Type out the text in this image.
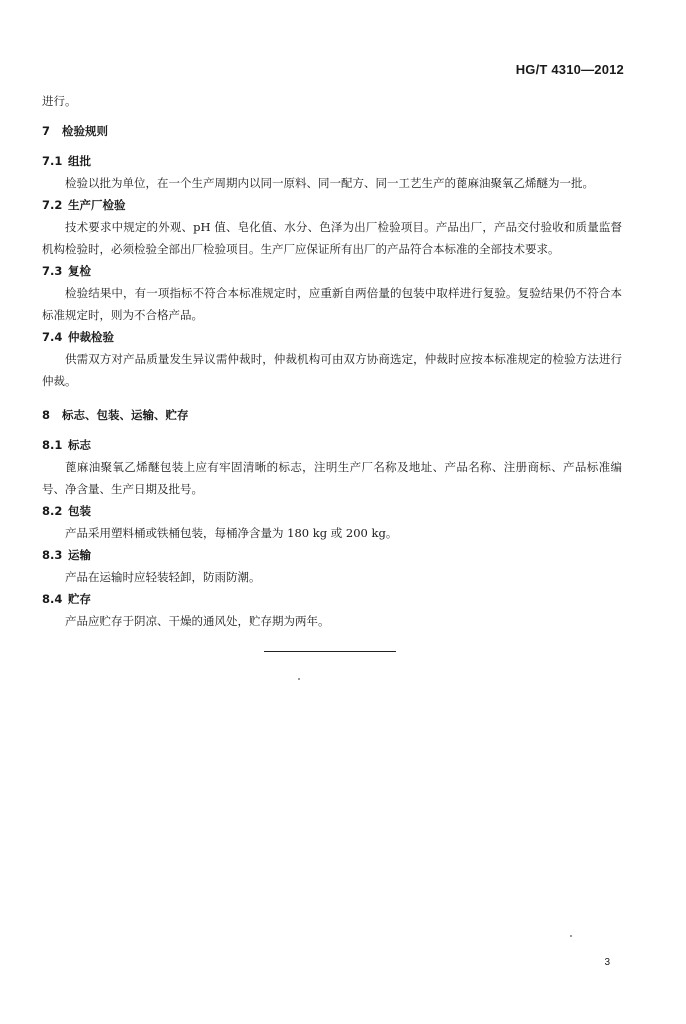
HG/T 4310—2012

进行。

7 检验规则
7.1 组批

检验以批为单位，在一个生产周期内以同一原料、同一配方、同一工艺生产的蓖麻油聚氧乙烯醚为一批。

7.2 生产厂检验

技术要求中规定的外观、pH 值、皂化值、水分、色泽为出厂检验项目。产品出厂，产品交付验收和质量监督机构检验时，必须检验全部出厂检验项目。生产厂应保证所有出厂的产品符合本标准的全部技术要求。

7.3 复检

检验结果中，有一项指标不符合本标准规定时，应重新自两倍量的包装中取样进行复验。复验结果仍不符合本标准规定时，则为不合格产品。

7.4 仲裁检验

供需双方对产品质量发生异议需仲裁时，仲裁机构可由双方协商选定，仲裁时应按本标准规定的检验方法进行仲裁。

8 标志、包装、运输、贮存
8.1 标志

蓖麻油聚氧乙烯醚包装上应有牢固清晰的标志，注明生产厂名称及地址、产品名称、注册商标、产品标准编号、净含量、生产日期及批号。

8.2 包装

产品采用塑料桶或铁桶包装，每桶净含量为 180 kg 或 200 kg。

8.3 运输

产品在运输时应轻装轻卸，防雨防潮。

8.4 贮存

产品应贮存于阴凉、干燥的通风处，贮存期为两年。

3
